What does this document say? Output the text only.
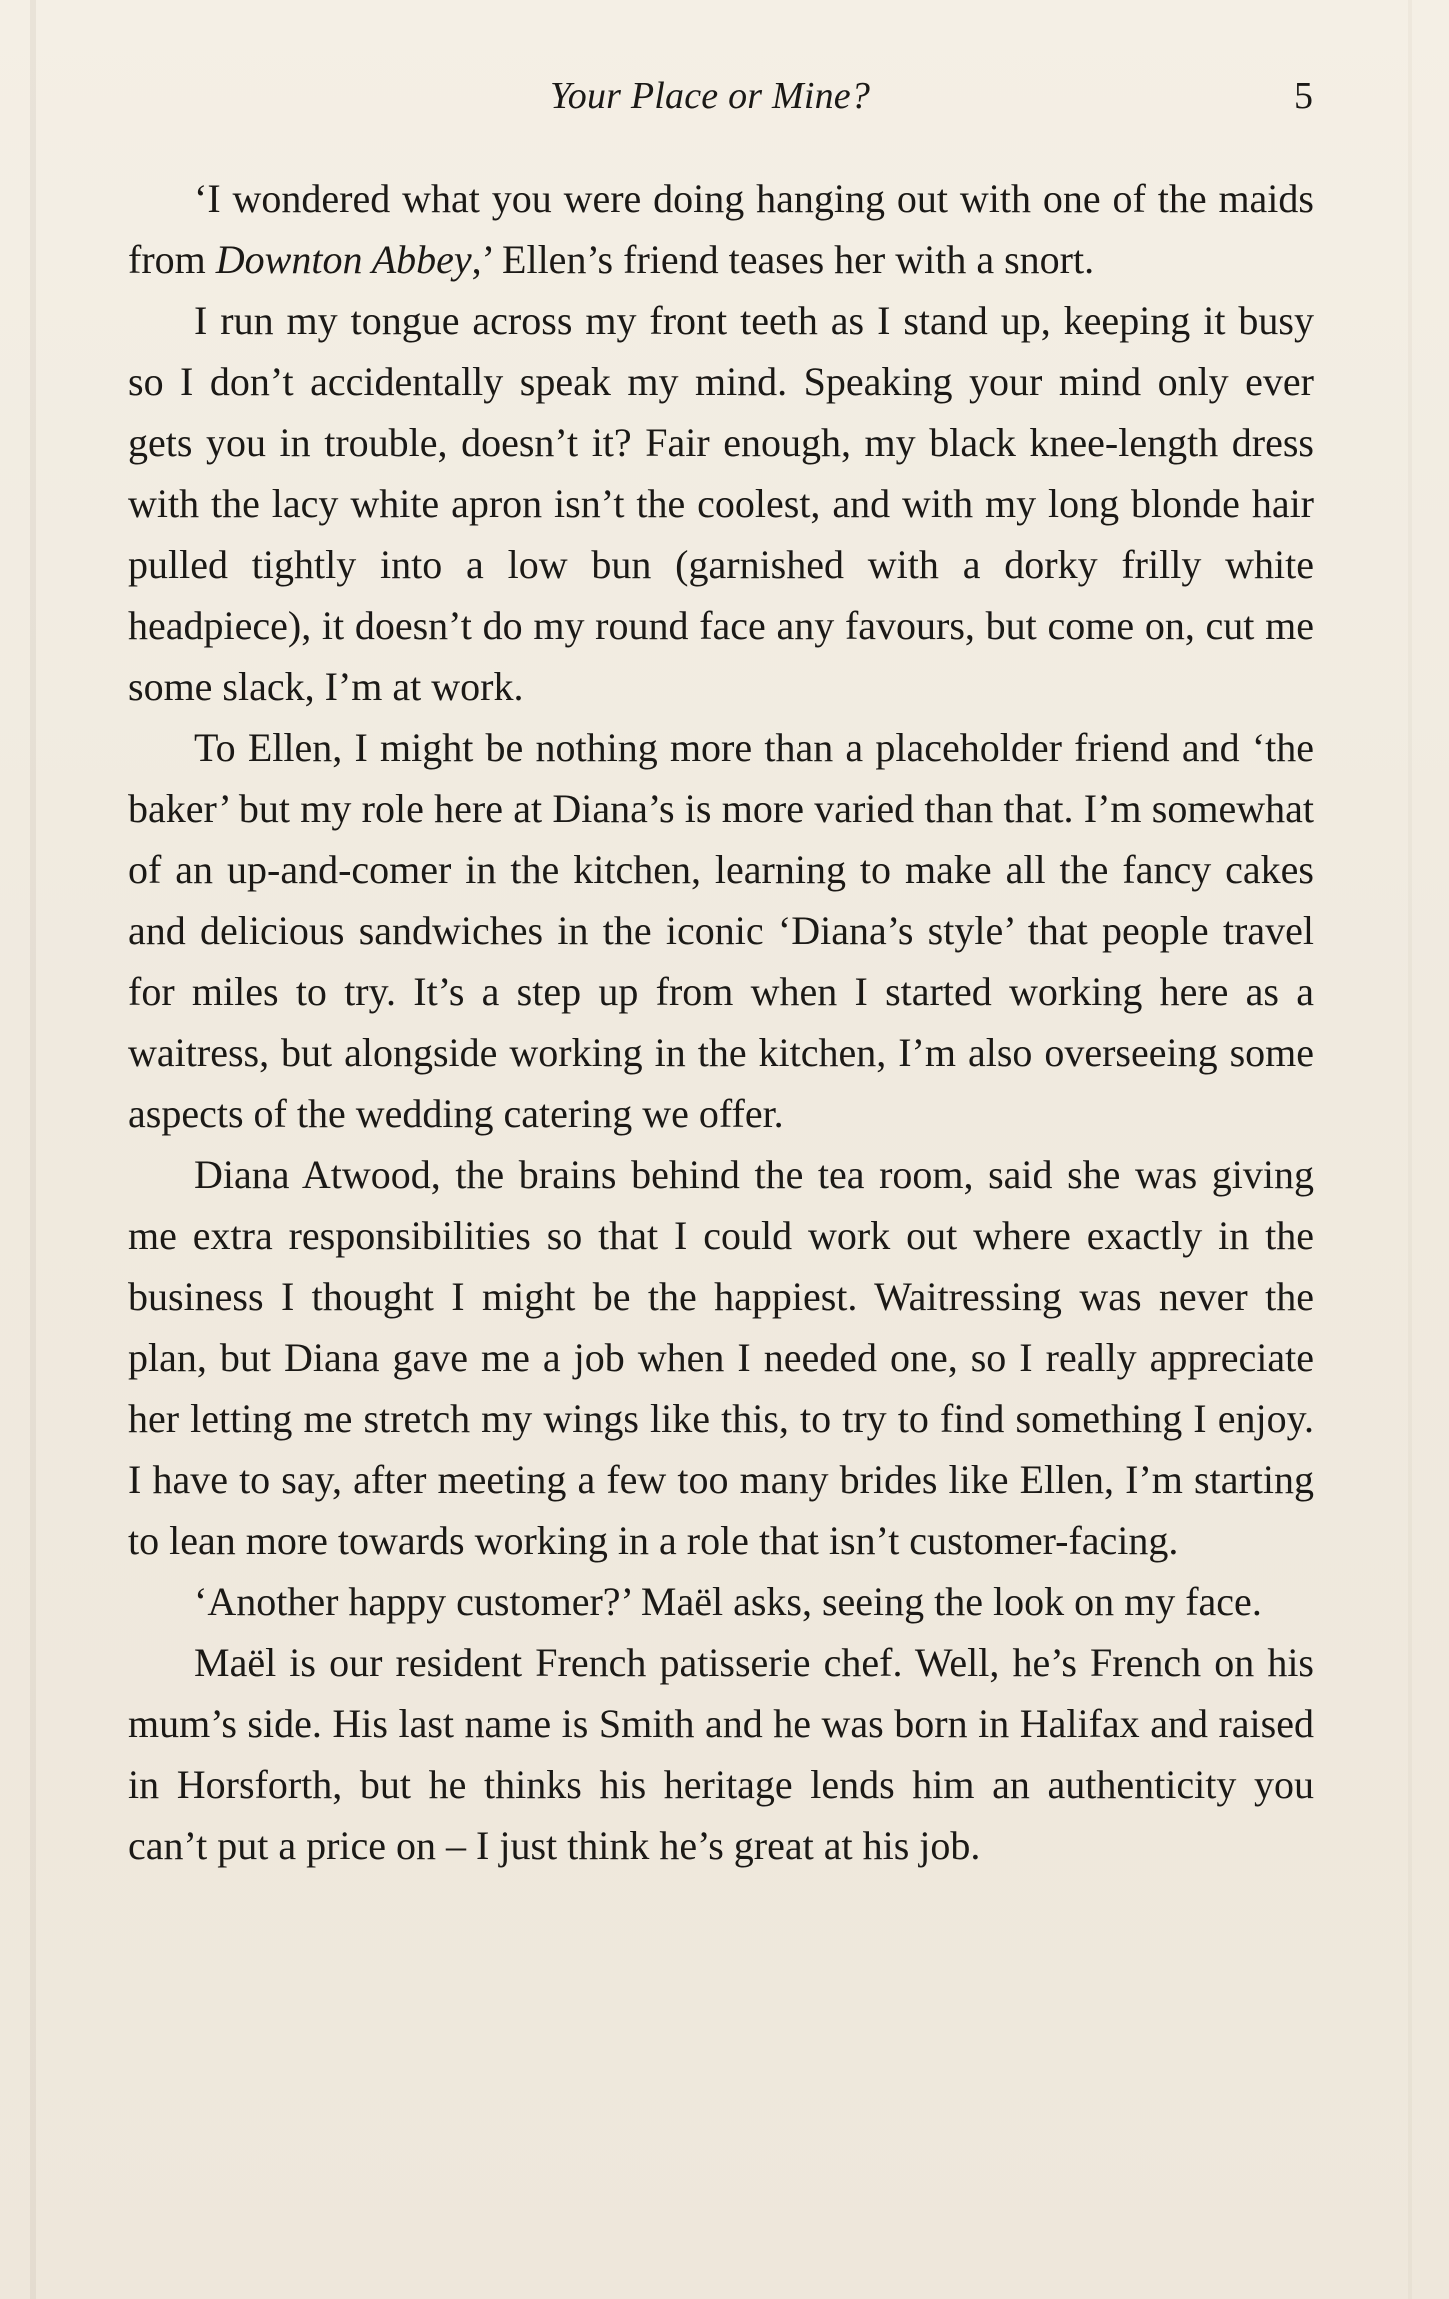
Your Place or Mine?	5

‘I wondered what you were doing hanging out with one of the maids from Downton Abbey,’ Ellen’s friend teases her with a snort.

I run my tongue across my front teeth as I stand up, keeping it busy so I don’t accidentally speak my mind. Speaking your mind only ever gets you in trouble, doesn’t it? Fair enough, my black knee-length dress with the lacy white apron isn’t the coolest, and with my long blonde hair pulled tightly into a low bun (garnished with a dorky frilly white headpiece), it doesn’t do my round face any favours, but come on, cut me some slack, I’m at work.

To Ellen, I might be nothing more than a placeholder friend and ‘the baker’ but my role here at Diana’s is more varied than that. I’m somewhat of an up-and-comer in the kitchen, learning to make all the fancy cakes and delicious sandwiches in the iconic ‘Diana’s style’ that people travel for miles to try. It’s a step up from when I started working here as a waitress, but alongside working in the kitchen, I’m also overseeing some aspects of the wedding catering we offer.

Diana Atwood, the brains behind the tea room, said she was giving me extra responsibilities so that I could work out where exactly in the business I thought I might be the happiest. Waitressing was never the plan, but Diana gave me a job when I needed one, so I really appreciate her letting me stretch my wings like this, to try to find something I enjoy. I have to say, after meeting a few too many brides like Ellen, I’m starting to lean more towards working in a role that isn’t customer-facing.

‘Another happy customer?’ Maël asks, seeing the look on my face.

Maël is our resident French patisserie chef. Well, he’s French on his mum’s side. His last name is Smith and he was born in Halifax and raised in Horsforth, but he thinks his heritage lends him an authenticity you can’t put a price on – I just think he’s great at his job.
